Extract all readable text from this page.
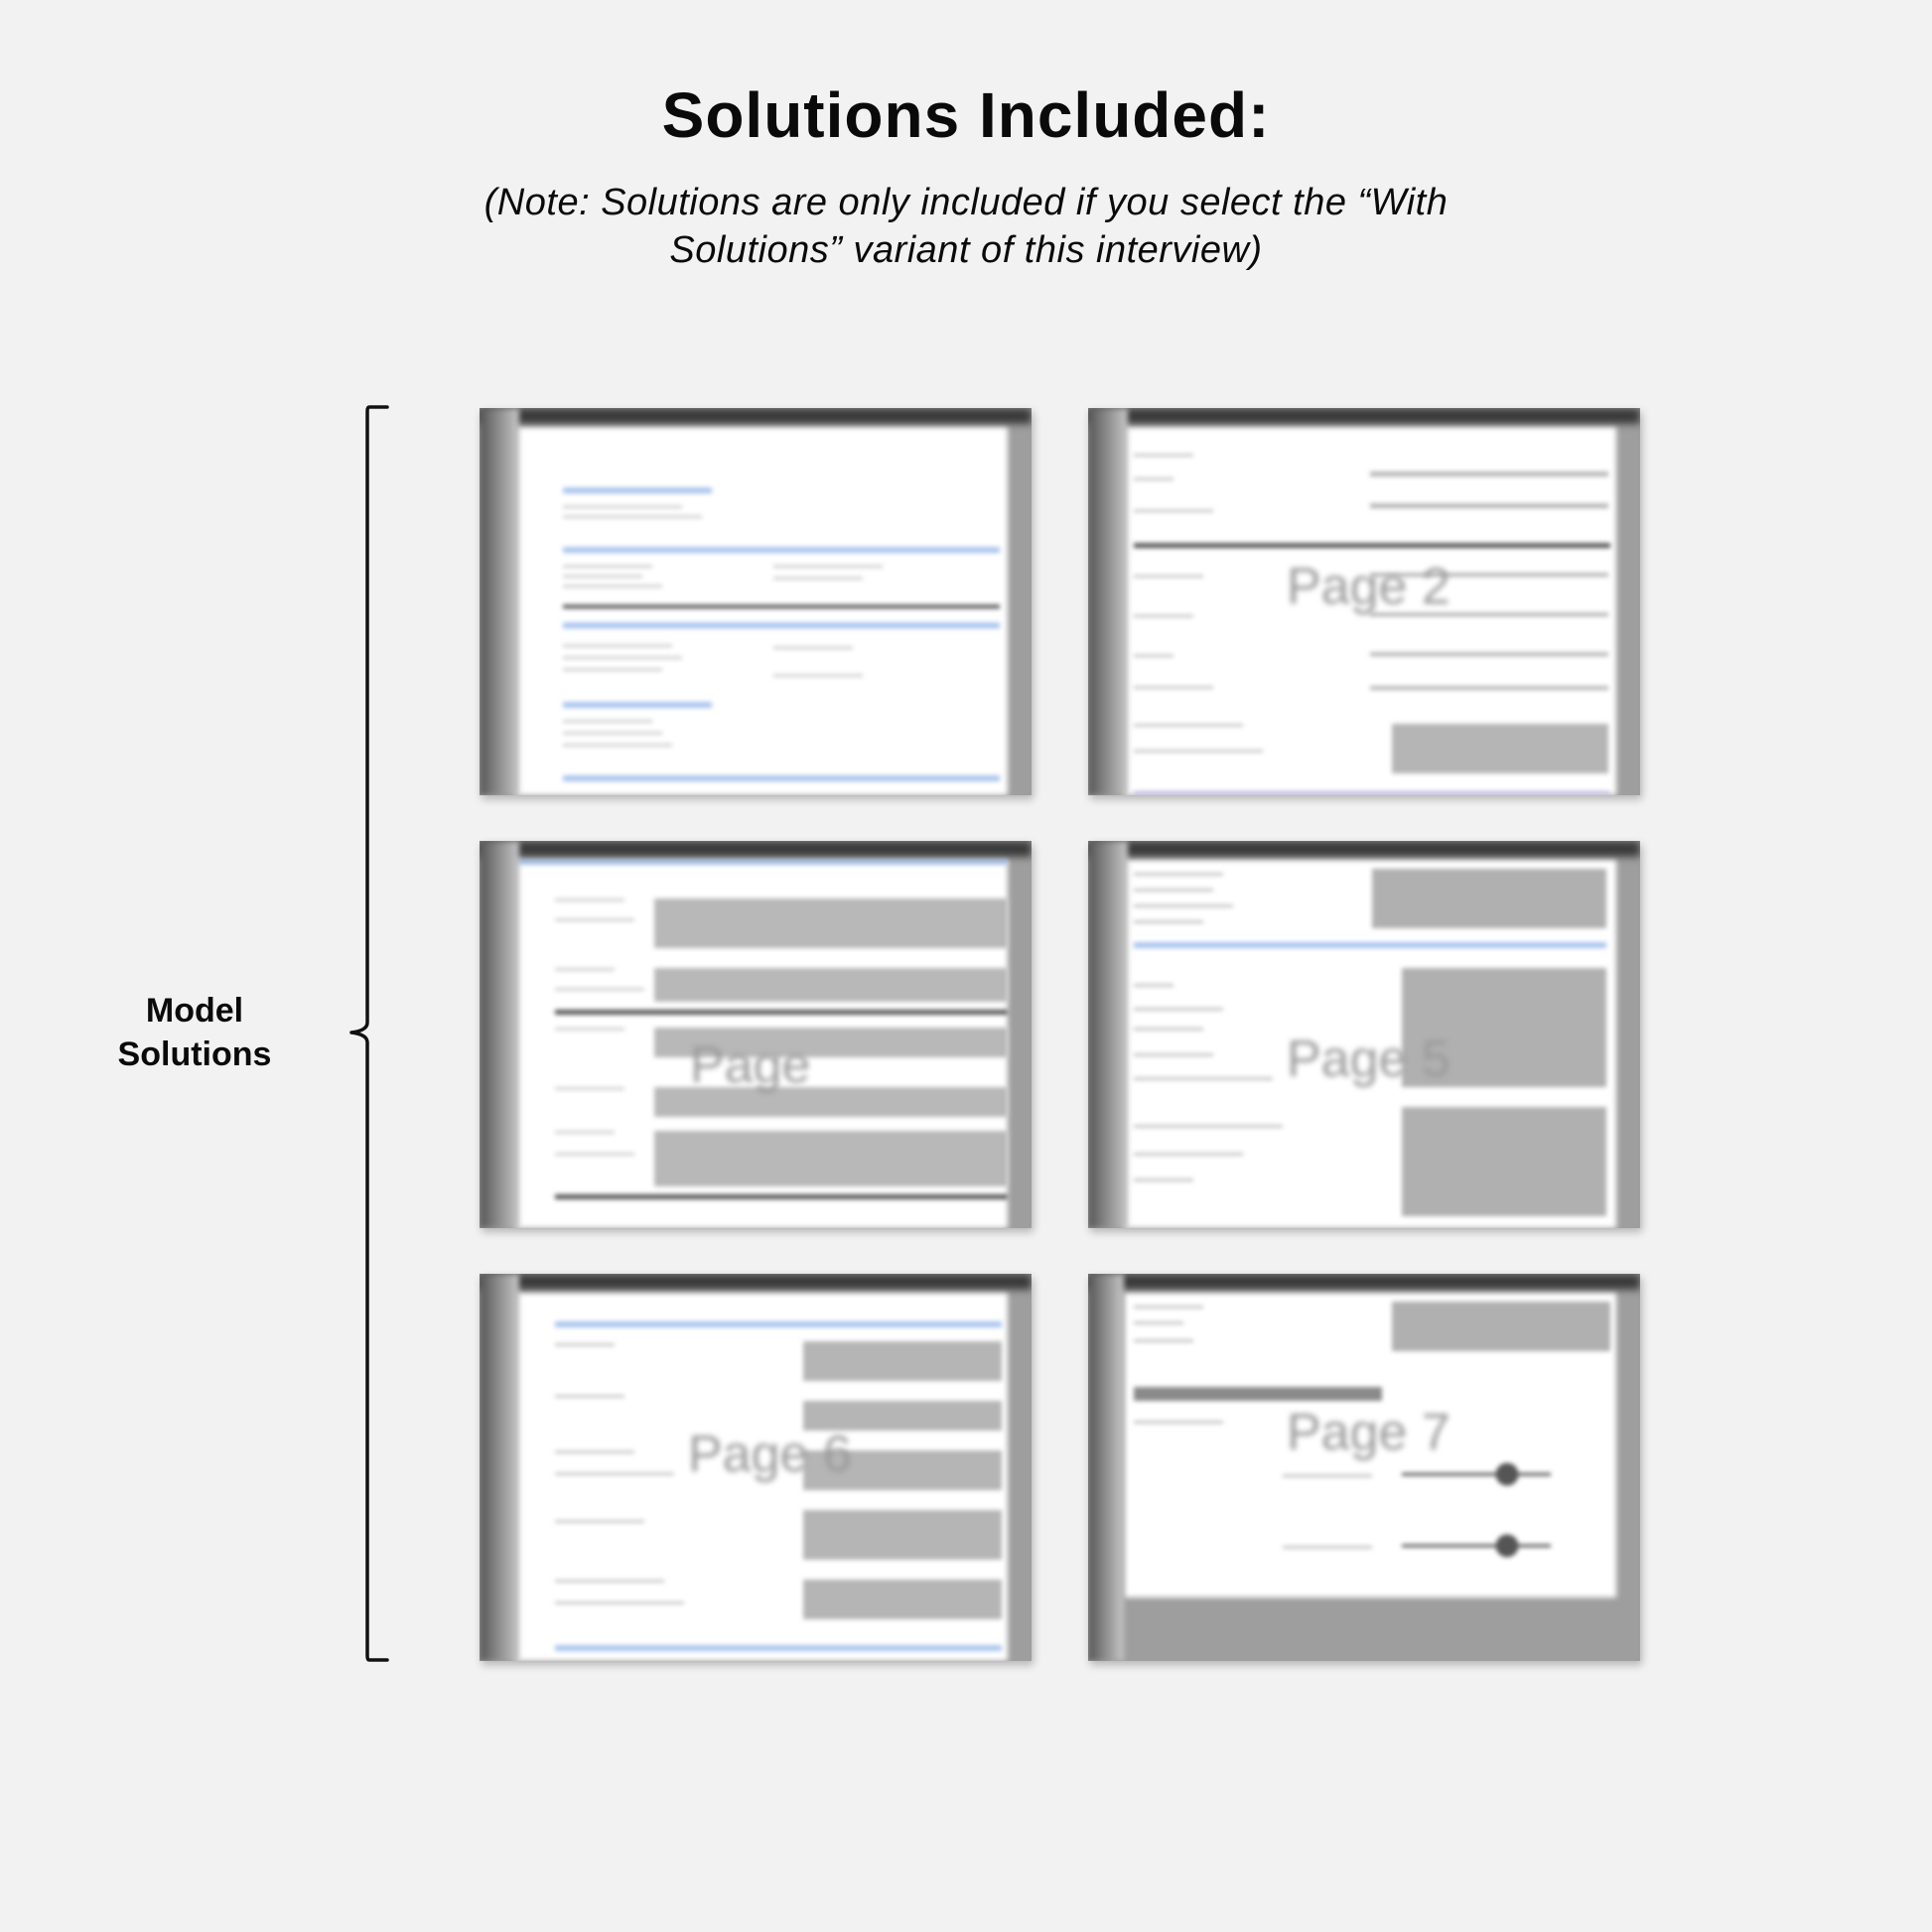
Solutions Included:
(Note: Solutions are only included if you select the “With Solutions” variant of this interview)
Model Solutions
Page 2
Page	Page 5
Page 6	Page 7
